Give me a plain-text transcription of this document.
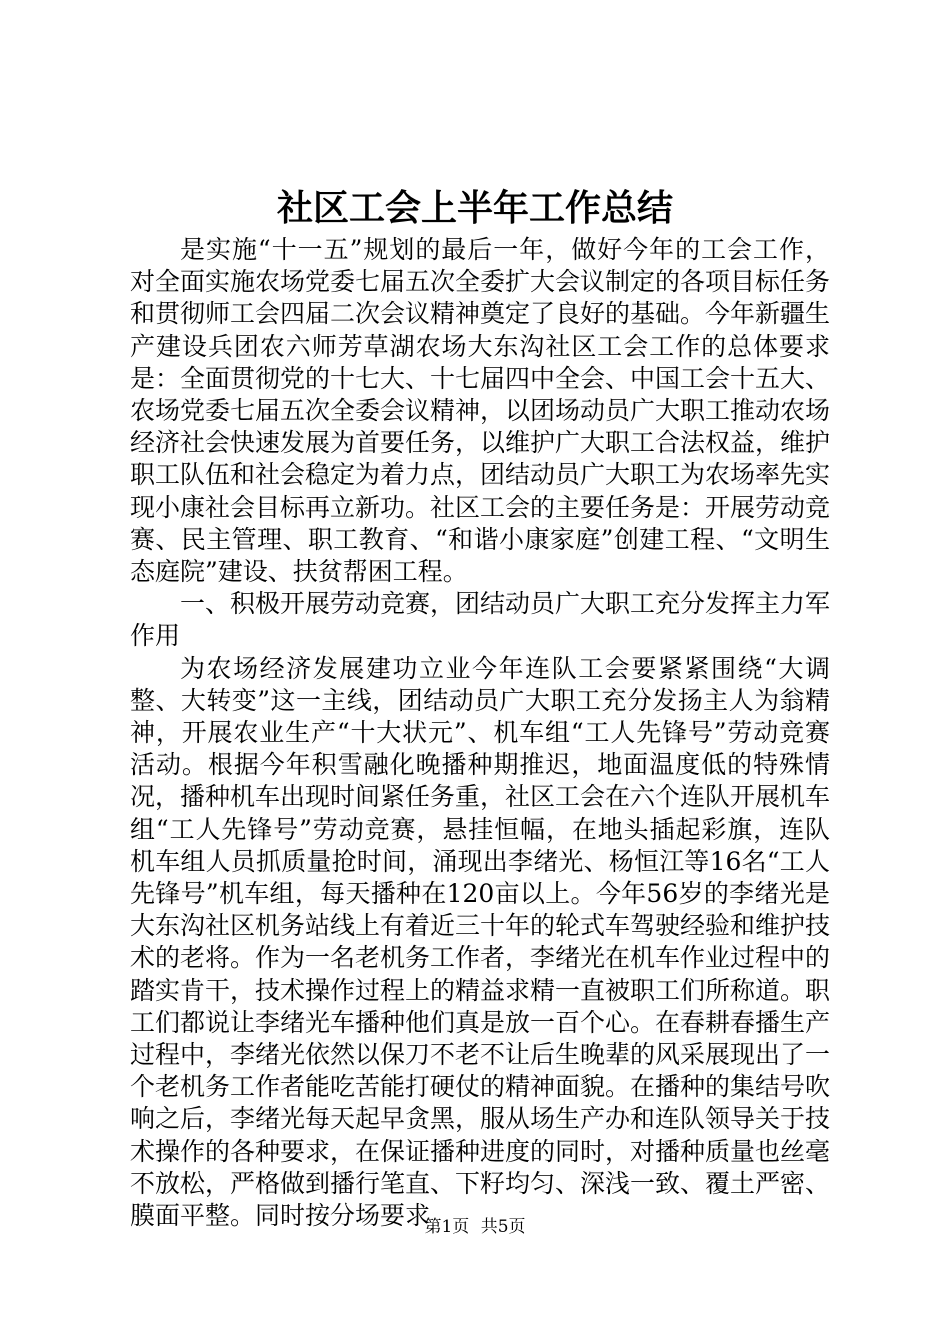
社区工会上半年工作总结

是实施“十一五”规划的最后一年，做好今年的工会工作，对全面实施农场党委七届五次全委扩大会议制定的各项目标任务和贯彻师工会四届二次会议精神奠定了良好的基础。今年新疆生产建设兵团农六师芳草湖农场大东沟社区工会工作的总体要求是：全面贯彻党的十七大、十七届四中全会、中国工会十五大、农场党委七届五次全委会议精神，以团场动员广大职工推动农场经济社会快速发展为首要任务，以维护广大职工合法权益，维护职工队伍和社会稳定为着力点，团结动员广大职工为农场率先实现小康社会目标再立新功。社区工会的主要任务是：开展劳动竞赛、民主管理、职工教育、“和谐小康家庭”创建工程、“文明生态庭院”建设、扶贫帮困工程。

一、积极开展劳动竞赛，团结动员广大职工充分发挥主力军作用

为农场经济发展建功立业今年连队工会要紧紧围绕“大调整、大转变”这一主线，团结动员广大职工充分发扬主人为翁精神，开展农业生产“十大状元”、机车组“工人先锋号”劳动竞赛活动。根据今年积雪融化晚播种期推迟，地面温度低的特殊情况，播种机车出现时间紧任务重，社区工会在六个连队开展机车组“工人先锋号”劳动竞赛，悬挂恒幅，在地头插起彩旗，连队机车组人员抓质量抢时间，涌现出李绪光、杨恒江等16名“工人先锋号”机车组，每天播种在120亩以上。今年56岁的李绪光是大东沟社区机务站线上有着近三十年的轮式车驾驶经验和维护技术的老将。作为一名老机务工作者，李绪光在机车作业过程中的踏实肯干，技术操作过程上的精益求精一直被职工们所称道。职工们都说让李绪光车播种他们真是放一百个心。在春耕春播生产过程中，李绪光依然以保刀不老不让后生晚辈的风采展现出了一个老机务工作者能吃苦能打硬仗的精神面貌。在播种的集结号吹响之后，李绪光每天起早贪黑，服从场生产办和连队领导关于技术操作的各种要求，在保证播种进度的同时，对播种质量也丝毫不放松，严格做到播行笔直、下籽均匀、深浅一致、覆土严密、膜面平整。同时按分场要求

第1页 共5页
